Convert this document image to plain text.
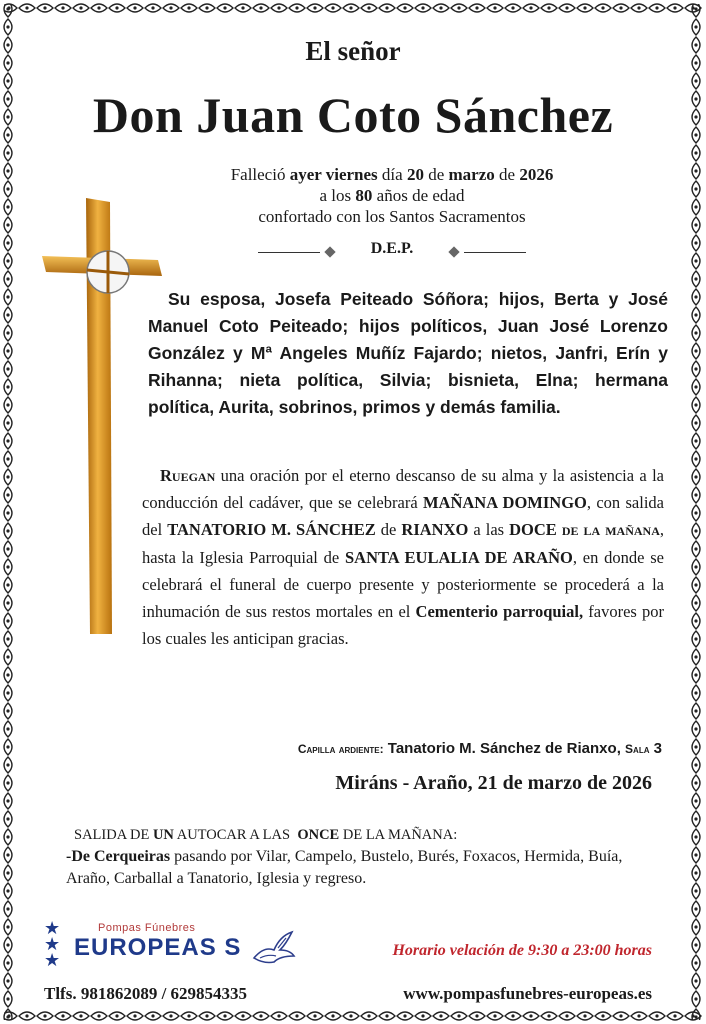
El señor
Don Juan Coto Sánchez
Falleció ayer viernes día 20 de marzo de 2026
a los 80 años de edad
confortado con los Santos Sacramentos
D.E.P.
Su esposa, Josefa Peiteado Sóñora; hijos, Berta y José Manuel Coto Peiteado; hijos políticos, Juan José Lorenzo González y Mª Angeles Muñíz Fajardo; nietos, Janfri, Erín y Rihanna; nieta política, Silvia; bisnieta, Elna; hermana política, Aurita, sobrinos, primos y demás familia.
Ruegan una oración por el eterno descanso de su alma y la asistencia a la conducción del cadáver, que se celebrará MAÑANA DOMINGO, con salida del TANATORIO M. SÁNCHEZ de RIANXO a las DOCE de la mañana, hasta la Iglesia Parroquial de SANTA EULALIA DE ARAÑO, en donde se celebrará el funeral de cuerpo presente y posteriormente se procederá a la inhumación de sus restos mortales en el Cementerio parroquial, favores por los cuales les anticipan gracias.
Capilla ardiente: Tanatorio M. Sánchez de Rianxo, Sala 3
Miráns - Araño, 21 de marzo de 2026
SALIDA DE UN AUTOCAR A LAS  ONCE DE LA MAÑANA:
-De Cerqueiras pasando por Vilar, Campelo, Bustelo, Burés, Foxacos, Hermida, Buía, Araño, Carballal a Tanatorio, Iglesia y regreso.
★
★
★
Pompas Fúnebres
EUROPEAS S	Horario velación de 9:30 a 23:00 horas
Tlfs. 981862089 / 629854335	www.pompasfunebres-europeas.es
